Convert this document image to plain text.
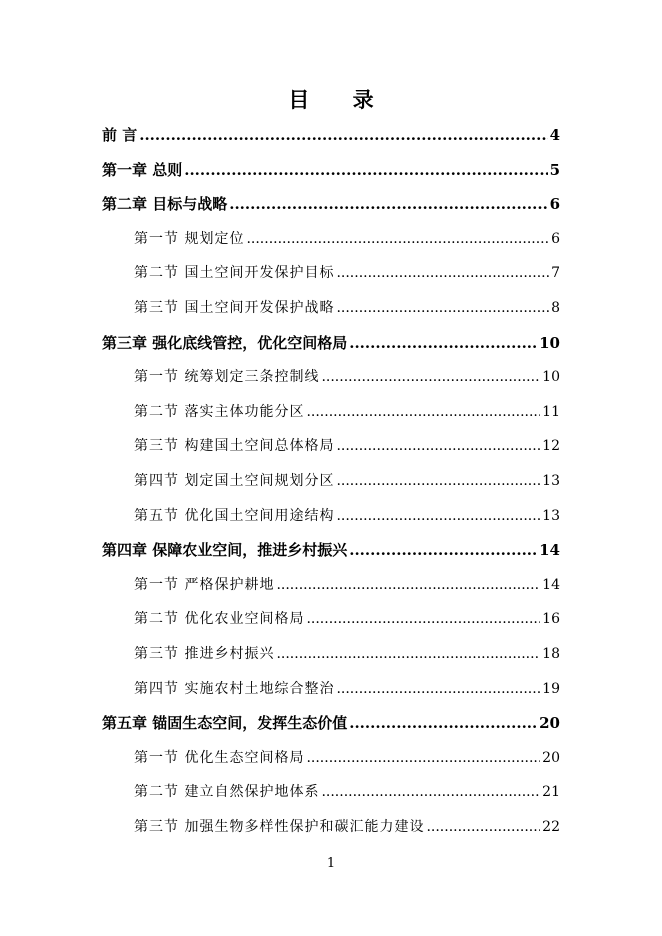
目 录
前 言 .....	4
第一章 总则 .....	5
第二章 目标与战略 .....	6
第一节 规划定位 .....	6
第二节 国土空间开发保护目标 .....	7
第三节 国土空间开发保护战略 .....	8
第三章 强化底线管控，优化空间格局 .....	10
第一节 统筹划定三条控制线 .....	10
第二节 落实主体功能分区 .....	11
第三节 构建国土空间总体格局 .....	12
第四节 划定国土空间规划分区 .....	13
第五节 优化国土空间用途结构 .....	13
第四章 保障农业空间，推进乡村振兴 .....	14
第一节 严格保护耕地 .....	14
第二节 优化农业空间格局 .....	16
第三节 推进乡村振兴 .....	18
第四节 实施农村土地综合整治 .....	19
第五章 锚固生态空间，发挥生态价值 .....	20
第一节 优化生态空间格局 .....	20
第二节 建立自然保护地体系 .....	21
第三节 加强生物多样性保护和碳汇能力建设 .....	22
1
